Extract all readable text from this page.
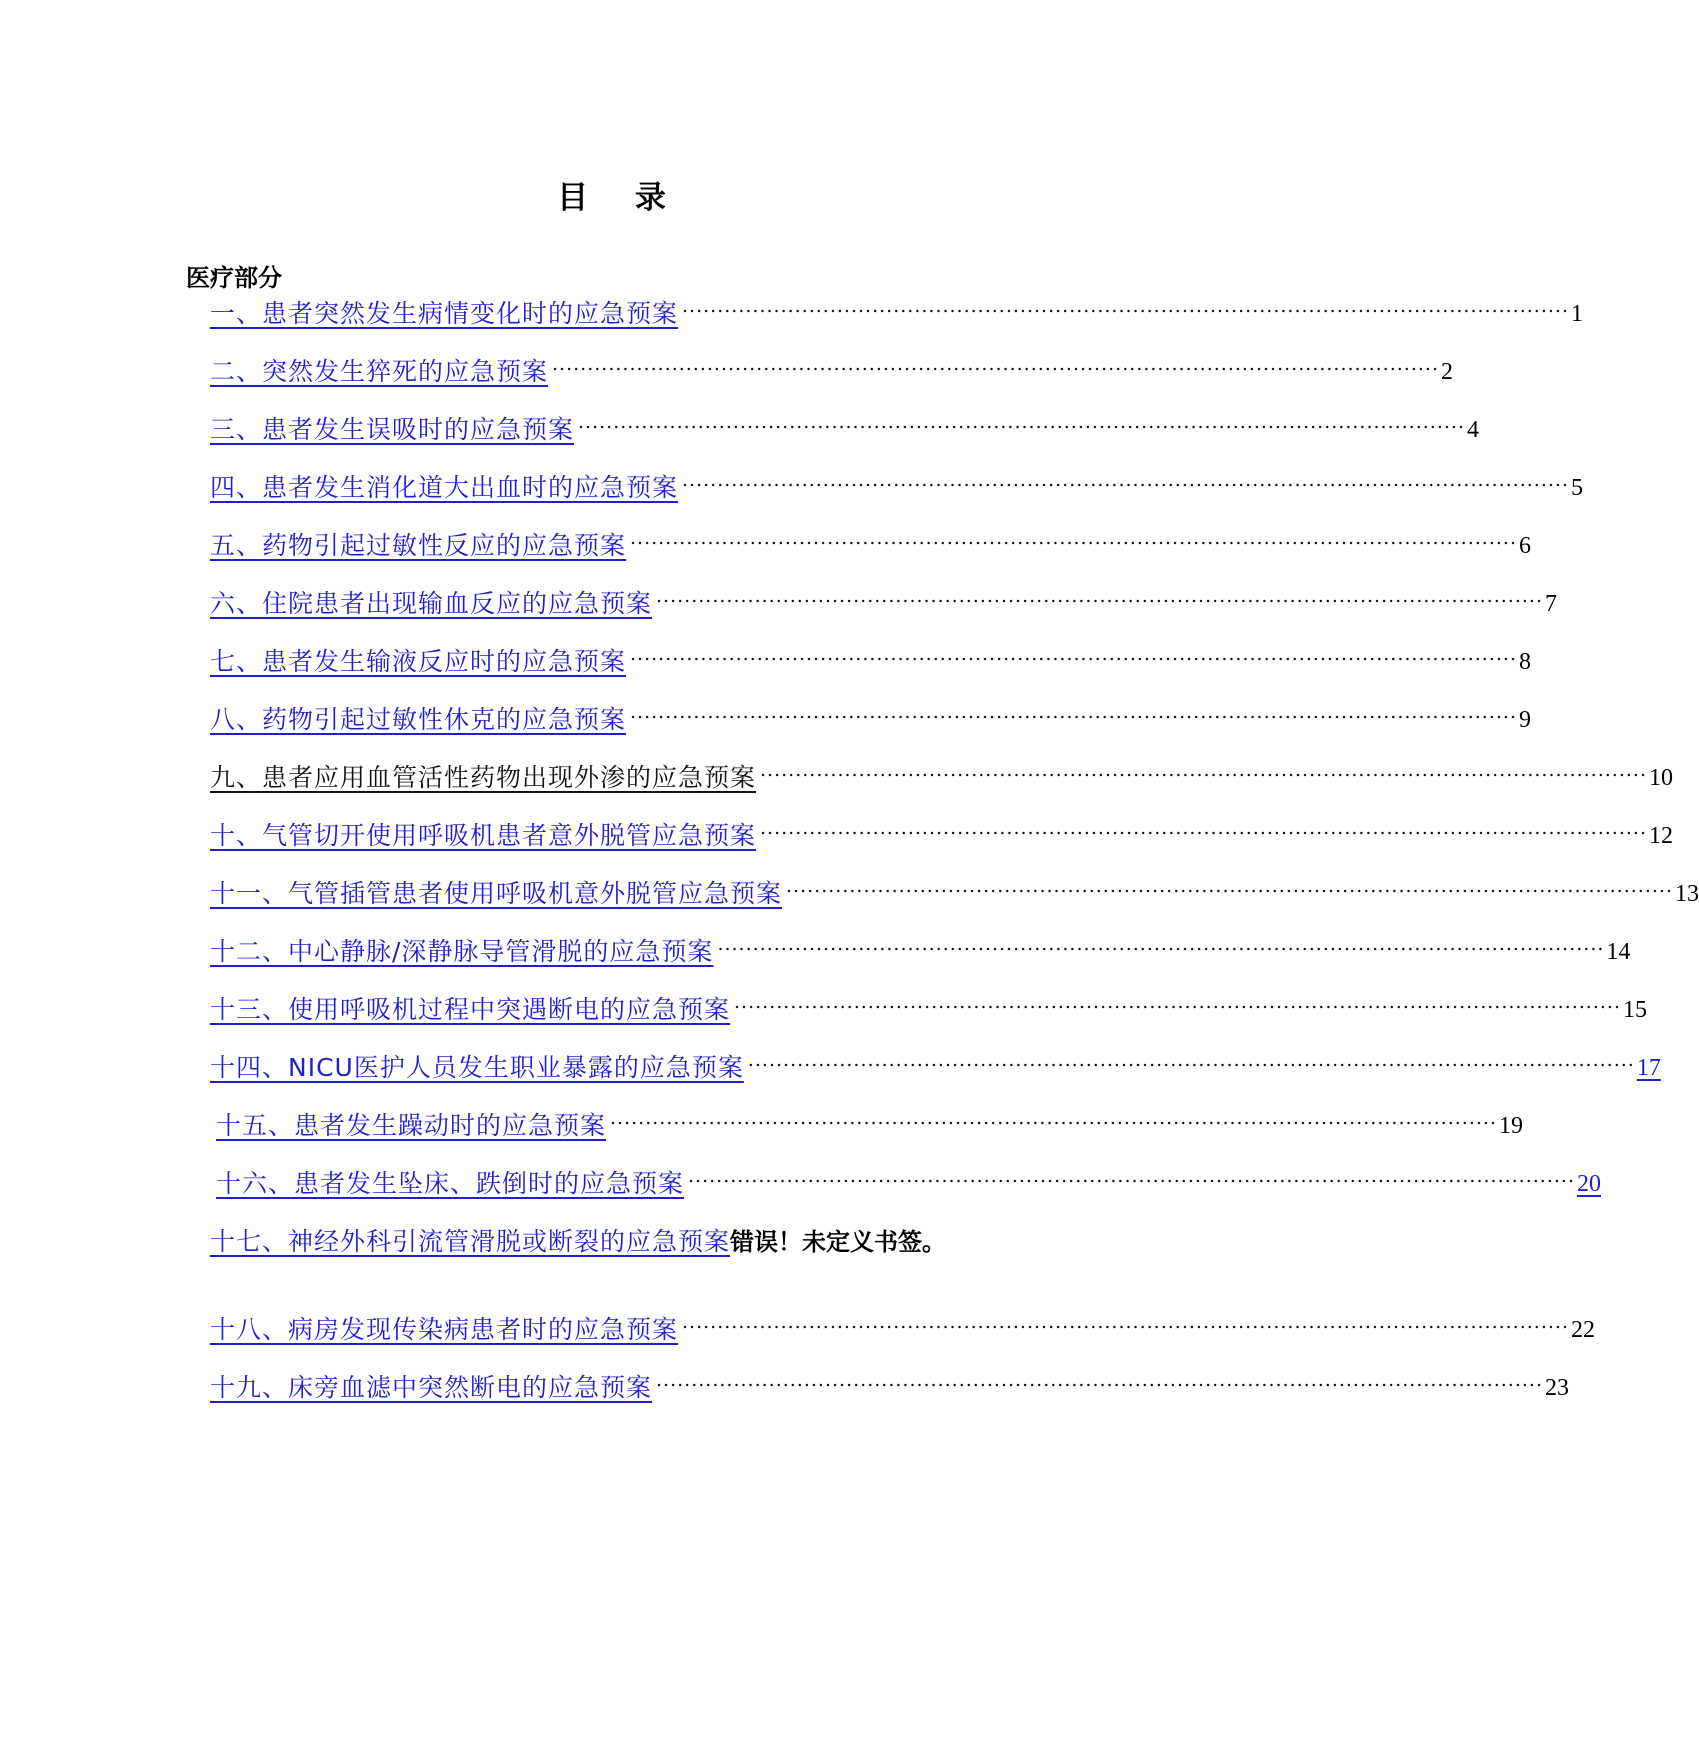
目 录
医疗部分
一、患者突然发生病情变化时的应急预案 .............................................................................................................................. 1
二、突然发生猝死的应急预案 .............................................................................................................................. 2
三、患者发生误吸时的应急预案 .............................................................................................................................. 4
四、患者发生消化道大出血时的应急预案 .............................................................................................................................. 5
五、药物引起过敏性反应的应急预案 .............................................................................................................................. 6
六、住院患者出现输血反应的应急预案 .............................................................................................................................. 7
七、患者发生输液反应时的应急预案 .............................................................................................................................. 8
八、药物引起过敏性休克的应急预案 .............................................................................................................................. 9
九、患者应用血管活性药物出现外渗的应急预案 .............................................................................................................................. 10
十、气管切开使用呼吸机患者意外脱管应急预案 .............................................................................................................................. 12
十一、气管插管患者使用呼吸机意外脱管应急预案 .............................................................................................................................. 13
十二、中心静脉/深静脉导管滑脱的应急预案 .............................................................................................................................. 14
十三、使用呼吸机过程中突遇断电的应急预案 .............................................................................................................................. 15
十四、NICU医护人员发生职业暴露的应急预案 .............................................................................................................................. 17
十五、患者发生躁动时的应急预案 .............................................................................................................................. 19
十六、患者发生坠床、跌倒时的应急预案 .............................................................................................................................. 20
十七、神经外科引流管滑脱或断裂的应急预案 错误！未定义书签。
十八、病房发现传染病患者时的应急预案 .............................................................................................................................. 22
十九、床旁血滤中突然断电的应急预案 .............................................................................................................................. 23
